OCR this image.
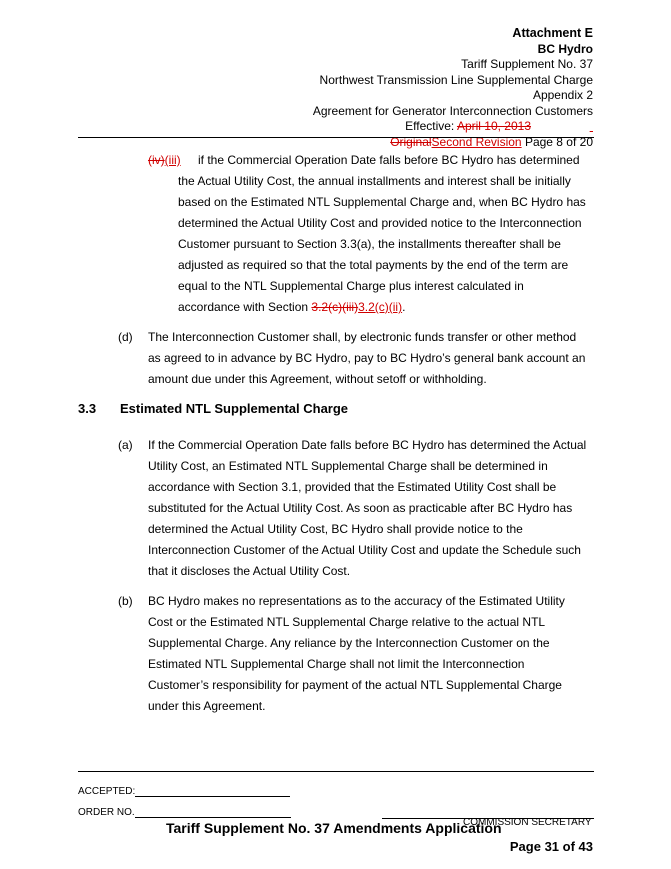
Attachment E
BC Hydro
Tariff Supplement No. 37
Northwest Transmission Line Supplemental Charge
Appendix 2
Agreement for Generator Interconnection Customers
Effective: April 10, 2013
OriginalSecond Revision Page 8 of 20
(iv)(iii) if the Commercial Operation Date falls before BC Hydro has determined
the Actual Utility Cost, the annual installments and interest shall be initially
based on the Estimated NTL Supplemental Charge and, when BC Hydro has
determined the Actual Utility Cost and provided notice to the Interconnection
Customer pursuant to Section 3.3(a), the installments thereafter shall be
adjusted as required so that the total payments by the end of the term are
equal to the NTL Supplemental Charge plus interest calculated in
accordance with Section 3.2(c)(iii)3.2(c)(ii).
(d) The Interconnection Customer shall, by electronic funds transfer or other method
as agreed to in advance by BC Hydro, pay to BC Hydro’s general bank account an
amount due under this Agreement, without setoff or withholding.
3.3 Estimated NTL Supplemental Charge
(a) If the Commercial Operation Date falls before BC Hydro has determined the Actual
Utility Cost, an Estimated NTL Supplemental Charge shall be determined in
accordance with Section 3.1, provided that the Estimated Utility Cost shall be
substituted for the Actual Utility Cost. As soon as practicable after BC Hydro has
determined the Actual Utility Cost, BC Hydro shall provide notice to the
Interconnection Customer of the Actual Utility Cost and update the Schedule such
that it discloses the Actual Utility Cost.
(b) BC Hydro makes no representations as to the accuracy of the Estimated Utility
Cost or the Estimated NTL Supplemental Charge relative to the actual NTL
Supplemental Charge. Any reliance by the Interconnection Customer on the
Estimated NTL Supplemental Charge shall not limit the Interconnection
Customer’s responsibility for payment of the actual NTL Supplemental Charge
under this Agreement.
ACCEPTED:
ORDER NO.
COMMISSION SECRETARY
Tariff Supplement No. 37 Amendments Application
Page 31 of 43
